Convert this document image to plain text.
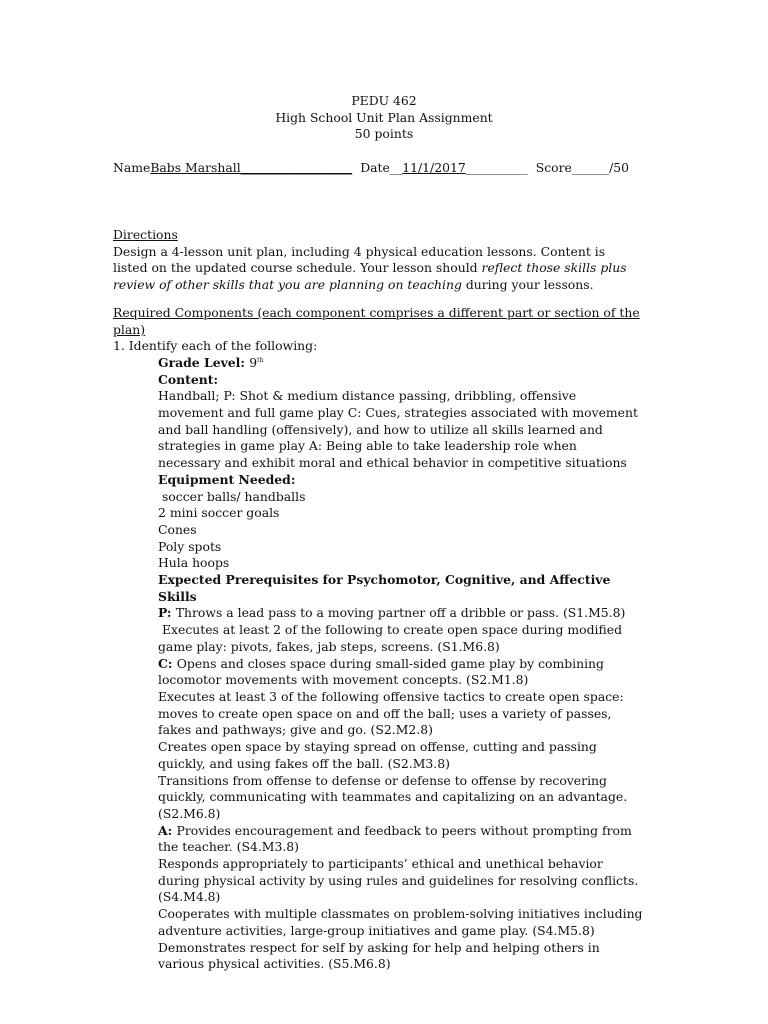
PEDU 462
High School Unit Plan Assignment
50 points
NameBabs Marshall__________________ Date__11/1/2017__________ Score______/50
Directions
Design a 4-lesson unit plan, including 4 physical education lessons. Content is listed on the updated course schedule. Your lesson should reflect those skills plus review of other skills that you are planning on teaching during your lessons.
Required Components (each component comprises a different part or section of the plan)
1. Identify each of the following:
Grade Level: 9th
Content:
Handball; P: Shot & medium distance passing, dribbling, offensive movement and full game play C: Cues, strategies associated with movement and ball handling (offensively), and how to utilize all skills learned and strategies in game play A: Being able to take leadership role when necessary and exhibit moral and ethical behavior in competitive situations
Equipment Needed:
soccer balls/ handballs
2 mini soccer goals
Cones
Poly spots
Hula hoops
Expected Prerequisites for Psychomotor, Cognitive, and Affective Skills
P: Throws a lead pass to a moving partner off a dribble or pass. (S1.M5.8)
Executes at least 2 of the following to create open space during modified game play: pivots, fakes, jab steps, screens. (S1.M6.8)
C: Opens and closes space during small-sided game play by combining locomotor movements with movement concepts. (S2.M1.8)
Executes at least 3 of the following offensive tactics to create open space: moves to create open space on and off the ball; uses a variety of passes, fakes and pathways; give and go. (S2.M2.8)
Creates open space by staying spread on offense, cutting and passing quickly, and using fakes off the ball. (S2.M3.8)
Transitions from offense to defense or defense to offense by recovering quickly, communicating with teammates and capitalizing on an advantage. (S2.M6.8)
A: Provides encouragement and feedback to peers without prompting from the teacher. (S4.M3.8)
Responds appropriately to participants’ ethical and unethical behavior during physical activity by using rules and guidelines for resolving conflicts. (S4.M4.8)
Cooperates with multiple classmates on problem-solving initiatives including adventure activities, large-group initiatives and game play. (S4.M5.8)
Demonstrates respect for self by asking for help and helping others in various physical activities. (S5.M6.8)
